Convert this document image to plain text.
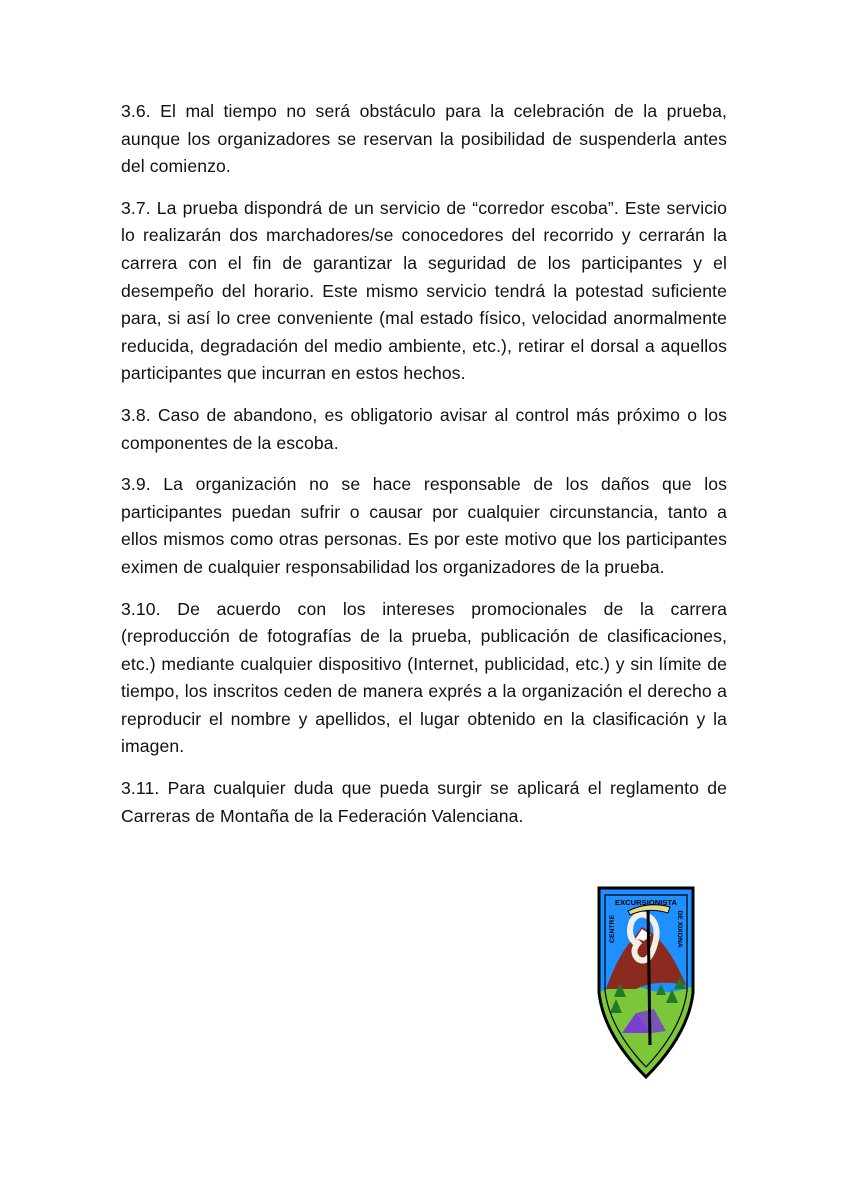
3.6. El mal tiempo no será obstáculo para la celebración de la prueba, aunque los organizadores se reservan la posibilidad de suspenderla antes del comienzo.

3.7. La prueba dispondrá de un servicio de “corredor escoba”. Este servicio lo realizarán dos marchadores/se conocedores del recorrido y cerrarán la carrera con el fin de garantizar la seguridad de los participantes y el desempeño del horario. Este mismo servicio tendrá la potestad suficiente para, si así lo cree conveniente (mal estado físico, velocidad anormalmente reducida, degradación del medio ambiente, etc.), retirar el dorsal a aquellos participantes que incurran en estos hechos.

3.8. Caso de abandono, es obligatorio avisar al control más próximo o los componentes de la escoba.

3.9. La organización no se hace responsable de los daños que los participantes puedan sufrir o causar por cualquier circunstancia, tanto a ellos mismos como otras personas. Es por este motivo que los participantes eximen de cualquier responsabilidad los organizadores de la prueba.

3.10. De acuerdo con los intereses promocionales de la carrera (reproducción de fotografías de la prueba, publicación de clasificaciones, etc.) mediante cualquier dispositivo (Internet, publicidad, etc.) y sin límite de tiempo, los inscritos ceden de manera exprés a la organización el derecho a reproducir el nombre y apellidos, el lugar obtenido en la clasificación y la imagen.

3.11. Para cualquier duda que pueda surgir se aplicará el reglamento de Carreras de Montaña de la Federación Valenciana.

EXCURSIONISTA
CENTRE	DE XIXONA
